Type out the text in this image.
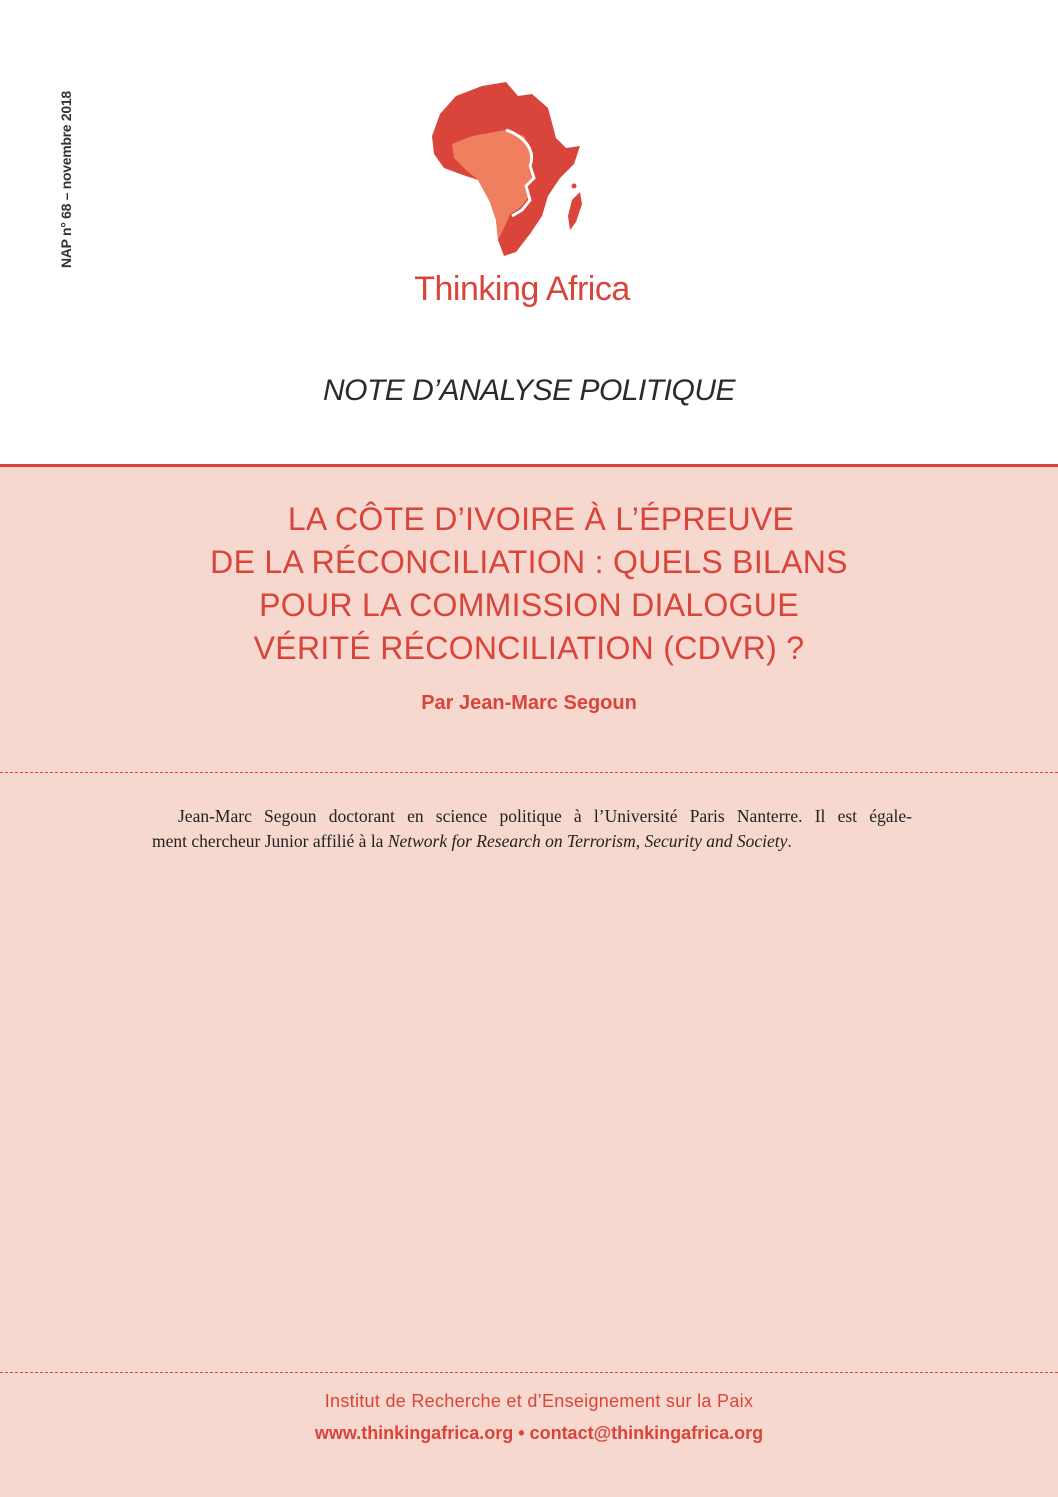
NAP n° 68 – novembre 2018
Thinking Africa
NOTE D’ANALYSE POLITIQUE
LA CÔTE D’IVOIRE À L’ÉPREUVE
DE LA RÉCONCILIATION : QUELS BILANS
POUR LA COMMISSION DIALOGUE
VÉRITÉ RÉCONCILIATION (CDVR) ?
Par Jean-Marc Segoun
Jean-Marc Segoun doctorant en science politique à l’Université Paris Nanterre. Il est égale-
ment chercheur Junior affilié à la Network for Research on Terrorism, Security and Society.
Institut de Recherche et d’Enseignement sur la Paix
www.thinkingafrica.org • contact@thinkingafrica.org
